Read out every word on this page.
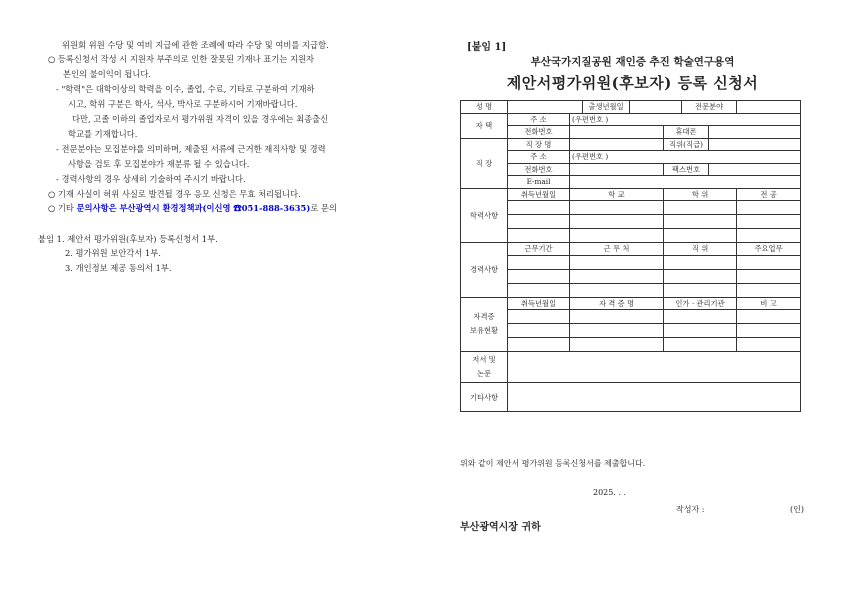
위원회 위원 수당 및 여비 지급에 관한 조례에 따라 수당 및 여비를 지급함.
○ 등록신청서 작성 시 지원자 부주의로 인한 잘못된 기재나 표기는 지원자
본인의 불이익이 됩니다.
- "학력"은 대학이상의 학력을 이수, 졸업, 수료, 기타로 구분하여 기재하
시고, 학위 구분은 학사, 석사, 박사로 구분하시어 기재바랍니다.
다만, 고졸 이하의 졸업자로서 평가위원 자격이 있을 경우에는 최종출신
학교를 기재합니다.
- 전문분야는 모집분야를 의미하며, 제출된 서류에 근거한 재직사항 및 경력
사항을 검토 후 모집분야가 재분류 될 수 있습니다.
- 경력사항의 경우 상세히 기술하여 주시기 바랍니다.
○ 기재 사실이 허위 사실로 발견될 경우 응모 신청은 무효 처리됩니다.
○ 기타 문의사항은 부산광역시 환경정책과(이신영 ☎051-888-3635)로 문의
붙임 1. 제안서 평가위원(후보자) 등록신청서 1부.
2. 평가위원 보안각서 1부.
3. 개인정보 제공 동의서 1부.
[붙임 1]
부산국가지질공원 재인증 추진 학술연구용역
제안서평가위원(후보자) 등록 신청서
성 명			출생년월일			전문분야		
자 택	주 소	(우편번호 )						
	전화번호				휴대폰			
직 장	직 장 명				직위(직급)			
	주 소	(우편번호 )						
	전화번호				팩스번호			
	E-mail							
학력사항	취득년월일	학 교			학 위			전 공

경력사항	근무기간	근 무 처			직 위			주요업무

자격증
보유현황	취득년월일	자 격 증 명			인가 · 관리기관			비 고

저서 및
논문								
기타사항								
위와 같이 제안서 평가위원 등록신청서를 제출합니다.
2025. . .
작성자 :	(인)
부산광역시장 귀하
